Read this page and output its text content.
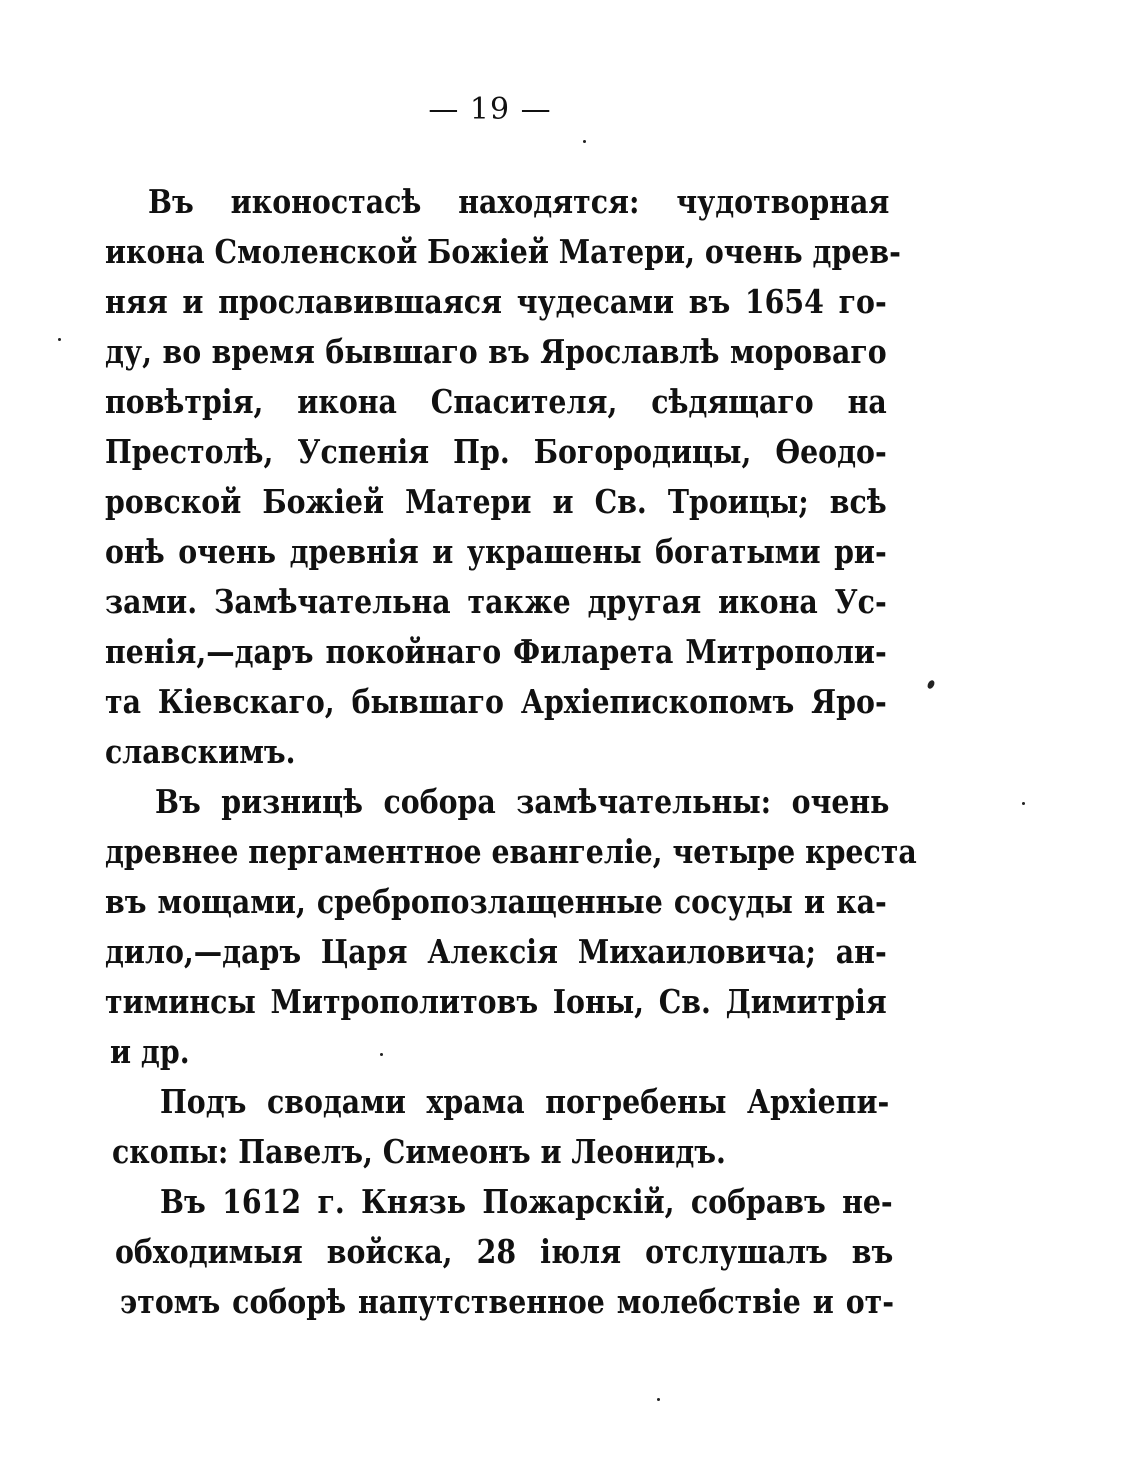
— 19 —
Въ иконостасѣ находятся: чудотворная
икона Смоленской Божіей Матери, очень древ-
няя и прославившаяся чудесами въ 1654 го-
ду, во время бывшаго въ Ярославлѣ мороваго
повѣтрія, икона Спасителя, сѣдящаго на
Престолѣ, Успенія Пр. Богородицы, Ѳеодо-
ровской Божіей Матери и Св. Троицы; всѣ
онѣ очень древнія и украшены богатыми ри-
зами. Замѣчательна также другая икона Ус-
пенія,—даръ покойнаго Филарета Митрополи-
та Кіевскаго, бывшаго Архіепископомъ Яро-
славскимъ.
Въ ризницѣ собора замѣчательны: очень
древнее пергаментное евангеліе, четыре креста
въ мощами, сребропозлащенные сосуды и ка-
дило,—даръ Царя Алексія Михаиловича; ан-
тиминсы Митрополитовъ Іоны, Св. Димитрія
и др.
Подъ сводами храма погребены Архіепи-
скопы: Павелъ, Симеонъ и Леонидъ.
Въ 1612 г. Князь Пожарскій, собравъ не-
обходимыя войска, 28 іюля отслушалъ въ
этомъ соборѣ напутственное молебствіе и от-
